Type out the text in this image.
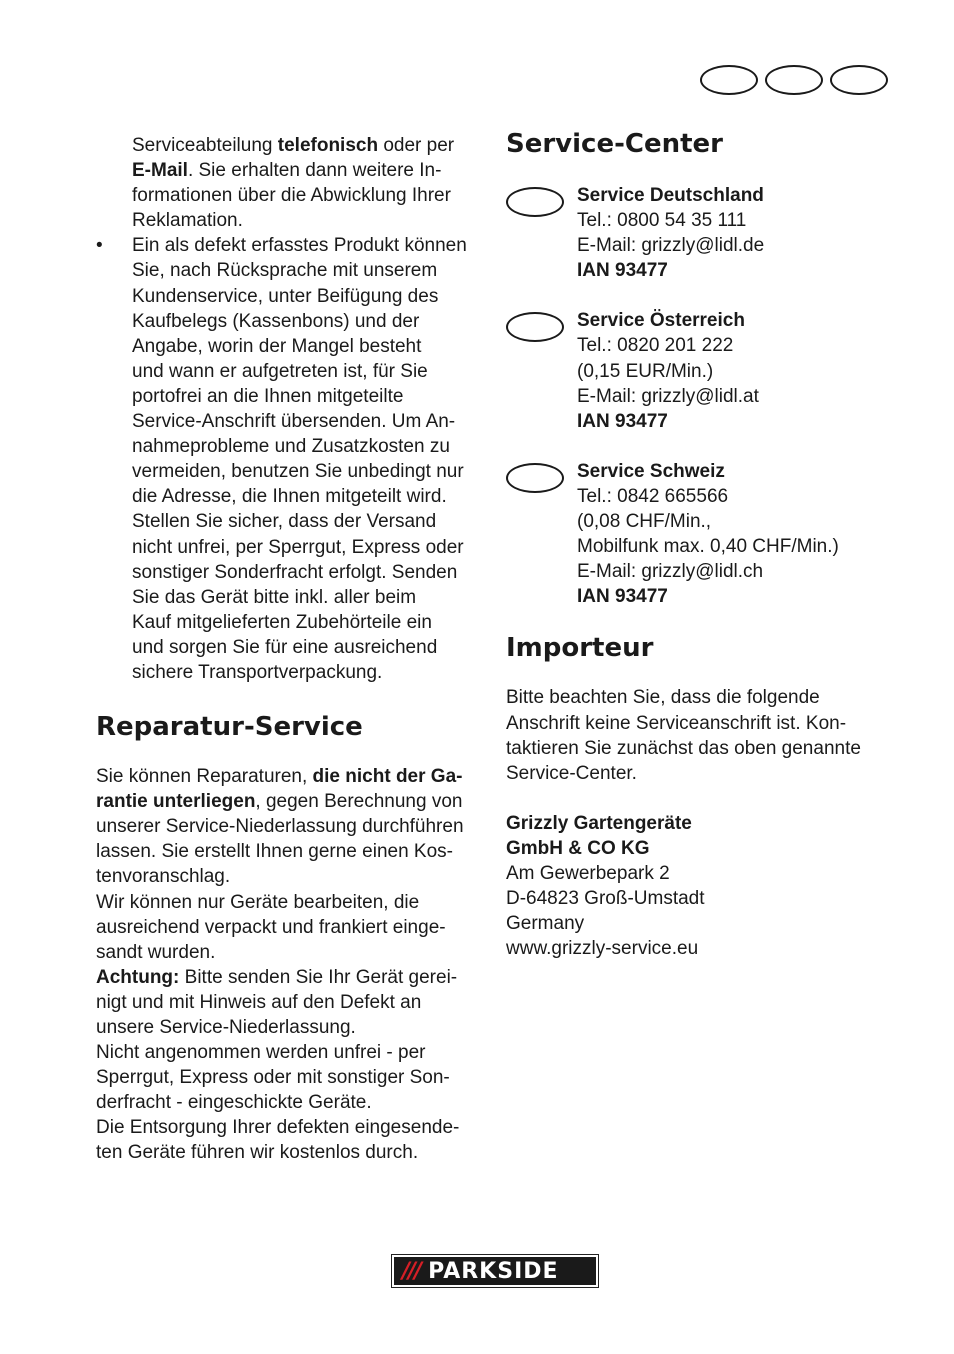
Serviceabteilung telefonisch oder per
E-Mail. Sie erhalten dann weitere In-
formationen über die Abwicklung Ihrer
Reklamation.
• Ein als defekt erfasstes Produkt können
Sie, nach Rücksprache mit unserem
Kundenservice, unter Beifügung des
Kaufbelegs (Kassenbons) und der
Angabe, worin der Mangel besteht
und wann er aufgetreten ist, für Sie
portofrei an die Ihnen mitgeteilte
Service-Anschrift übersenden. Um An-
nahmeprobleme und Zusatzkosten zu
vermeiden, benutzen Sie unbedingt nur
die Adresse, die Ihnen mitgeteilt wird.
Stellen Sie sicher, dass der Versand
nicht unfrei, per Sperrgut, Express oder
sonstiger Sonderfracht erfolgt. Senden
Sie das Gerät bitte inkl. aller beim
Kauf mitgelieferten Zubehörteile ein
und sorgen Sie für eine ausreichend
sichere Transportverpackung.
Reparatur-Service
Sie können Reparaturen, die nicht der Ga-
rantie unterliegen, gegen Berechnung von
unserer Service-Niederlassung durchführen
lassen. Sie erstellt Ihnen gerne einen Kos-
tenvoranschlag.
Wir können nur Geräte bearbeiten, die
ausreichend verpackt und frankiert einge-
sandt wurden.
Achtung: Bitte senden Sie Ihr Gerät gerei-
nigt und mit Hinweis auf den Defekt an
unsere Service-Niederlassung.
Nicht angenommen werden unfrei - per
Sperrgut, Express oder mit sonstiger Son-
derfracht - eingeschickte Geräte.
Die Entsorgung Ihrer defekten eingesende-
ten Geräte führen wir kostenlos durch.
Service-Center
Service Deutschland
Tel.: 0800 54 35 111
E-Mail: grizzly@lidl.de
IAN 93477
Service Österreich
Tel.: 0820 201 222
(0,15 EUR/Min.)
E-Mail: grizzly@lidl.at
IAN 93477
Service Schweiz
Tel.: 0842 665566
(0,08 CHF/Min.,
Mobilfunk max. 0,40 CHF/Min.)
E-Mail: grizzly@lidl.ch
IAN 93477
Importeur
Bitte beachten Sie, dass die folgende
Anschrift keine Serviceanschrift ist. Kon-
taktieren Sie zunächst das oben genannte
Service-Center.
Grizzly Gartengeräte
GmbH & CO KG
Am Gewerbepark 2
D-64823 Groß-Umstadt
Germany
www.grizzly-service.eu
/// PARKSIDE
